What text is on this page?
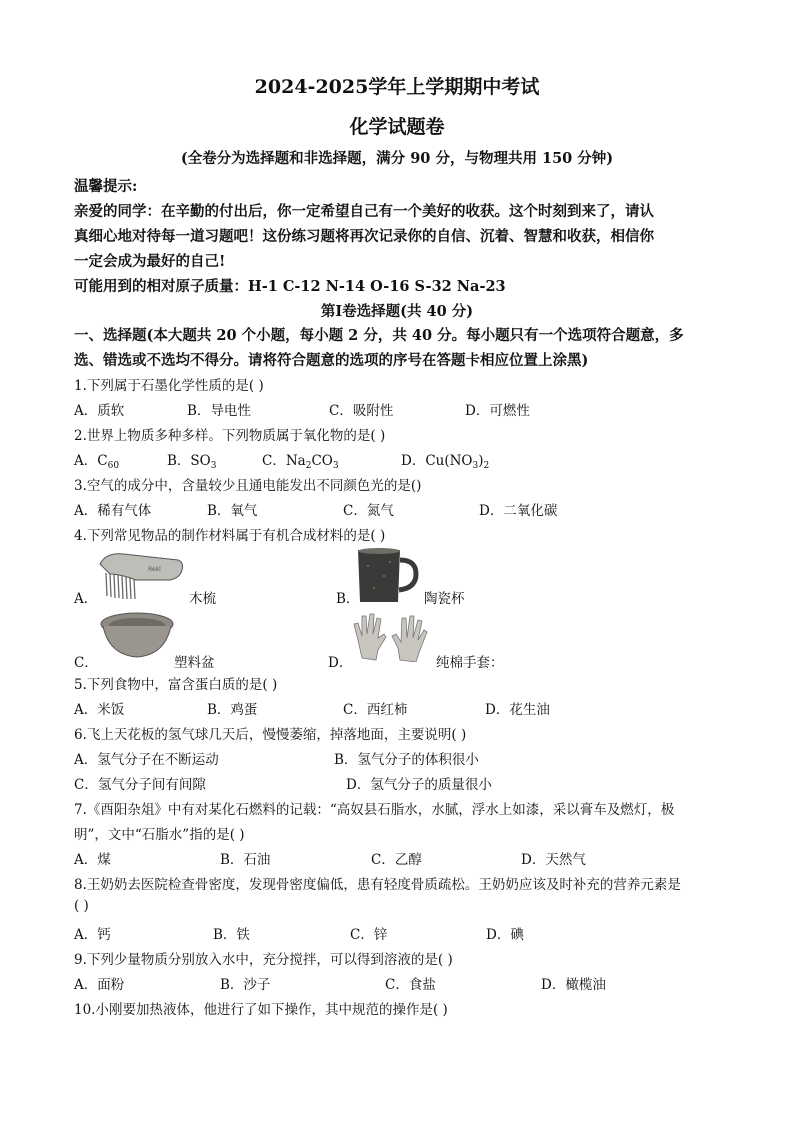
2024-2025学年上学期期中考试
化学试题卷
(全卷分为选择题和非选择题，满分 90 分，与物理共用 150 分钟)
温馨提示:
亲爱的同学：在辛勤的付出后，你一定希望自己有一个美好的收获。这个时刻到来了，请认
真细心地对待每一道习题吧！这份练习题将再次记录你的自信、沉着、智慧和收获，相信你
一定会成为最好的自己!
可能用到的相对原子质量：H-1 C-12 N-14 O-16 S-32 Na-23
第Ⅰ卷选择题(共 40 分)
一、选择题(本大题共 20 个小题，每小题 2 分，共 40 分。每小题只有一个选项符合题意，多
选、错选或不选均不得分。请将符合题意的选项的序号在答题卡相应位置上涂黑)
1.下列属于石墨化学性质的是( )
A．质软	B．导电性	C．吸附性	D．可燃性
2.世界上物质多种多样。下列物质属于氧化物的是( )
A．$C_{60}$	B．$SO_3$	C．$Na_2CO_3$	D．$Cu(NO_3)_2$
3.空气的成分中，含量较少且通电能发出不同颜色光的是()
A．稀有气体	B．氧气	C．氮气	D．二氧化碳
4.下列常见物品的制作材料属于有机合成材料的是( )
A．
Rekl
木梳	B．	陶瓷杯
C．	塑料盆	D．	纯棉手套：
5.下列食物中，富含蛋白质的是( )
A．米饭	B．鸡蛋	C．西红柿	D．花生油
6.飞上天花板的氢气球几天后，慢慢萎缩，掉落地面，主要说明( )
A．氢气分子在不断运动	B．氢气分子的体积很小
C．氢气分子间有间隙	D．氢气分子的质量很小
7.《酉阳杂俎》中有对某化石燃料的记载：“高奴县石脂水，水腻，浮水上如漆，采以膏车及燃灯，极
明”，文中“石脂水”指的是( )
A．煤	B．石油	C．乙醇	D．天然气
8.王奶奶去医院检查骨密度，发现骨密度偏低，患有轻度骨质疏松。王奶奶应该及时补充的营养元素是
( )
A．钙	B．铁	C．锌	D．碘
9.下列少量物质分别放入水中，充分搅拌，可以得到溶液的是( )
A．面粉	B．沙子	C．食盐	D．橄榄油
10.小刚要加热液体，他进行了如下操作，其中规范的操作是( )
